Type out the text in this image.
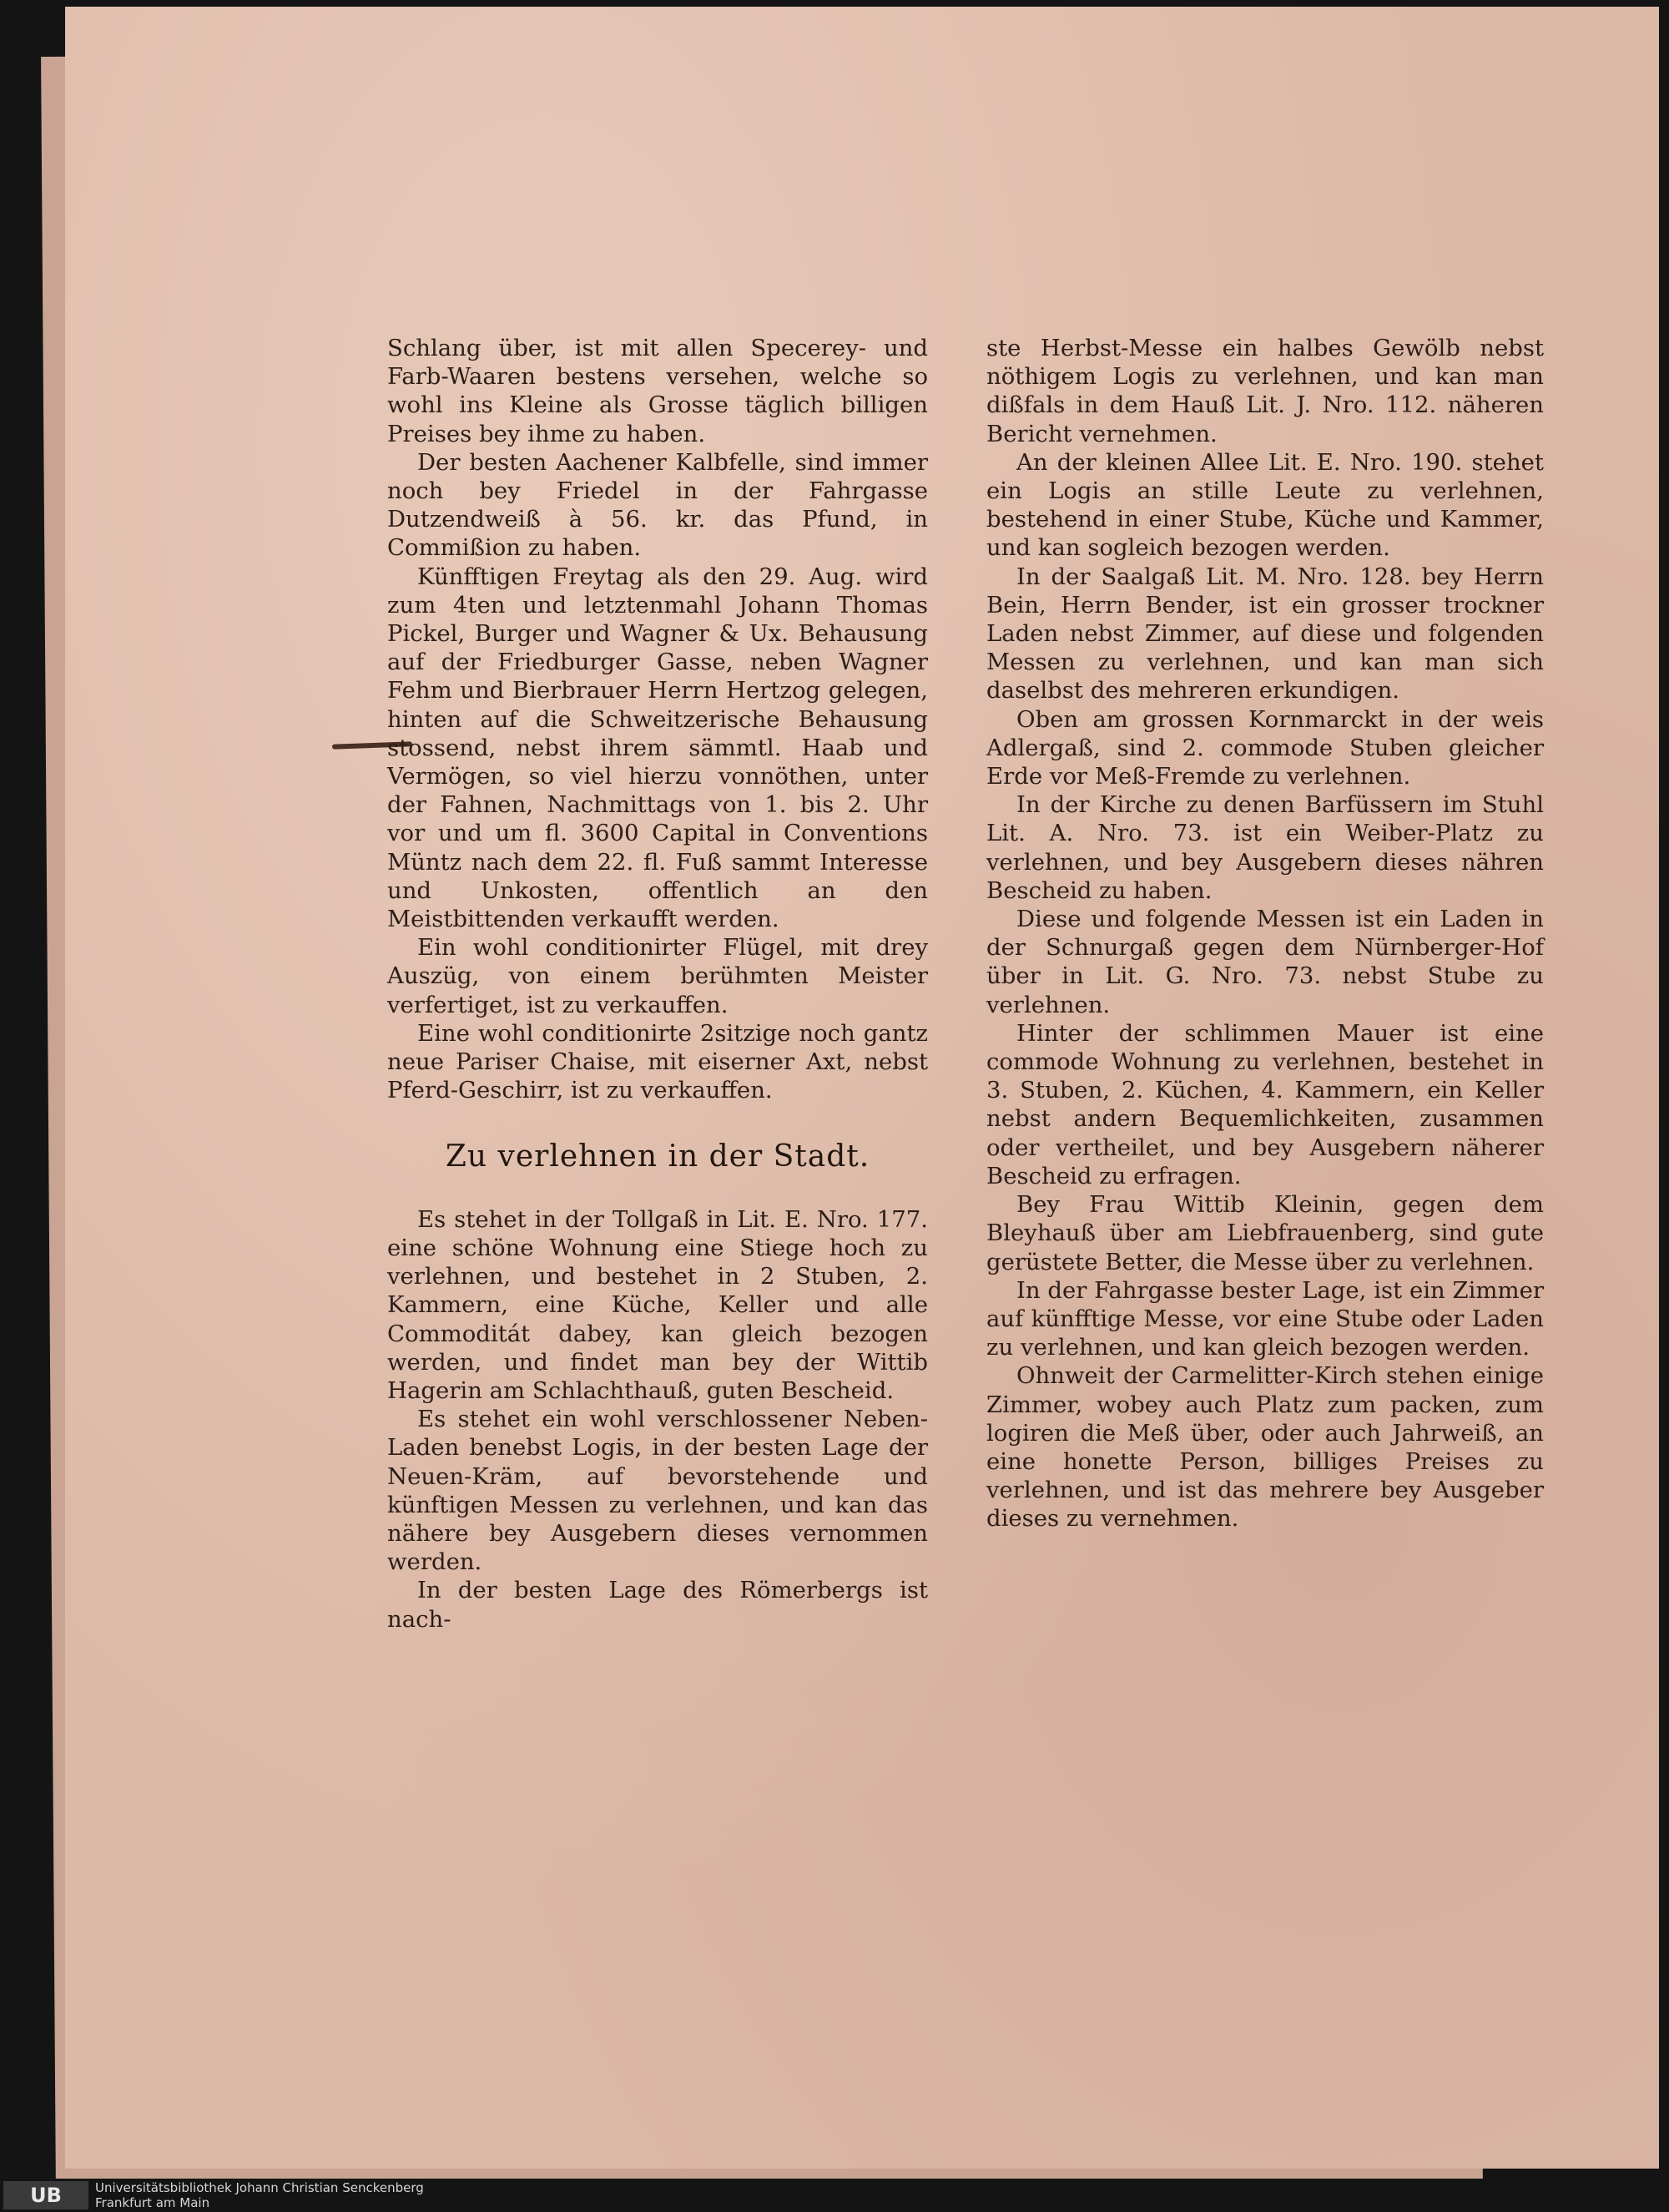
Schlang über, ist mit allen Specerey- und Farb-Waaren bestens versehen, welche so wohl ins Kleine als Grosse täglich billigen Preises bey ihme zu haben.

Der besten Aachener Kalbfelle, sind immer noch bey Friedel in der Fahrgasse Dutzendweiß à 56. kr. das Pfund, in Commißion zu haben.

Künfftigen Freytag als den 29. Aug. wird zum 4ten und letztenmahl Johann Thomas Pickel, Burger und Wagner & Ux. Behausung auf der Friedburger Gasse, neben Wagner Fehm und Bierbrauer Herrn Hertzog gelegen, hinten auf die Schweitzerische Behausung stossend, nebst ihrem sämmtl. Haab und Vermögen, so viel hierzu vonnöthen, unter der Fahnen, Nachmittags von 1. bis 2. Uhr vor und um fl. 3600 Capital in Conventions Müntz nach dem 22. fl. Fuß sammt Interesse und Unkosten, offentlich an den Meistbittenden verkaufft werden.

Ein wohl conditionirter Flügel, mit drey Auszüg, von einem berühmten Meister verfertiget, ist zu verkauffen.

Eine wohl conditionirte 2sitzige noch gantz neue Pariser Chaise, mit eiserner Axt, nebst Pferd-Geschirr, ist zu verkauffen.

Zu verlehnen in der Stadt.

Es stehet in der Tollgaß in Lit. E. Nro. 177. eine schöne Wohnung eine Stiege hoch zu verlehnen, und bestehet in 2 Stuben, 2. Kammern, eine Küche, Keller und alle Commoditát dabey, kan gleich bezogen werden, und findet man bey der Wittib Hagerin am Schlachthauß, guten Bescheid.

Es stehet ein wohl verschlossener Neben-Laden benebst Logis, in der besten Lage der Neuen-Kräm, auf bevorstehende und künftigen Messen zu verlehnen, und kan das nähere bey Ausgebern dieses vernommen werden.

In der besten Lage des Römerbergs ist nach-

ste Herbst-Messe ein halbes Gewölb nebst nöthigem Logis zu verlehnen, und kan man dißfals in dem Hauß Lit. J. Nro. 112. näheren Bericht vernehmen.

An der kleinen Allee Lit. E. Nro. 190. stehet ein Logis an stille Leute zu verlehnen, bestehend in einer Stube, Küche und Kammer, und kan sogleich bezogen werden.

In der Saalgaß Lit. M. Nro. 128. bey Herrn Bein, Herrn Bender, ist ein grosser trockner Laden nebst Zimmer, auf diese und folgenden Messen zu verlehnen, und kan man sich daselbst des mehreren erkundigen.

Oben am grossen Kornmarckt in der weis Adlergaß, sind 2. commode Stuben gleicher Erde vor Meß-Fremde zu verlehnen.

In der Kirche zu denen Barfüssern im Stuhl Lit. A. Nro. 73. ist ein Weiber-Platz zu verlehnen, und bey Ausgebern dieses nähren Bescheid zu haben.

Diese und folgende Messen ist ein Laden in der Schnurgaß gegen dem Nürnberger-Hof über in Lit. G. Nro. 73. nebst Stube zu verlehnen.

Hinter der schlimmen Mauer ist eine commode Wohnung zu verlehnen, bestehet in 3. Stuben, 2. Küchen, 4. Kammern, ein Keller nebst andern Bequemlichkeiten, zusammen oder vertheilet, und bey Ausgebern näherer Bescheid zu erfragen.

Bey Frau Wittib Kleinin, gegen dem Bleyhauß über am Liebfrauenberg, sind gute gerüstete Better, die Messe über zu verlehnen.

In der Fahrgasse bester Lage, ist ein Zimmer auf künfftige Messe, vor eine Stube oder Laden zu verlehnen, und kan gleich bezogen werden.

Ohnweit der Carmelitter-Kirch stehen einige Zimmer, wobey auch Platz zum packen, zum logiren die Meß über, oder auch Jahrweiß, an eine honette Person, billiges Preises zu verlehnen, und ist das mehrere bey Ausgeber dieses zu vernehmen.

UB	Universitätsbibliothek Johann Christian Senckenberg
Frankfurt am Main
